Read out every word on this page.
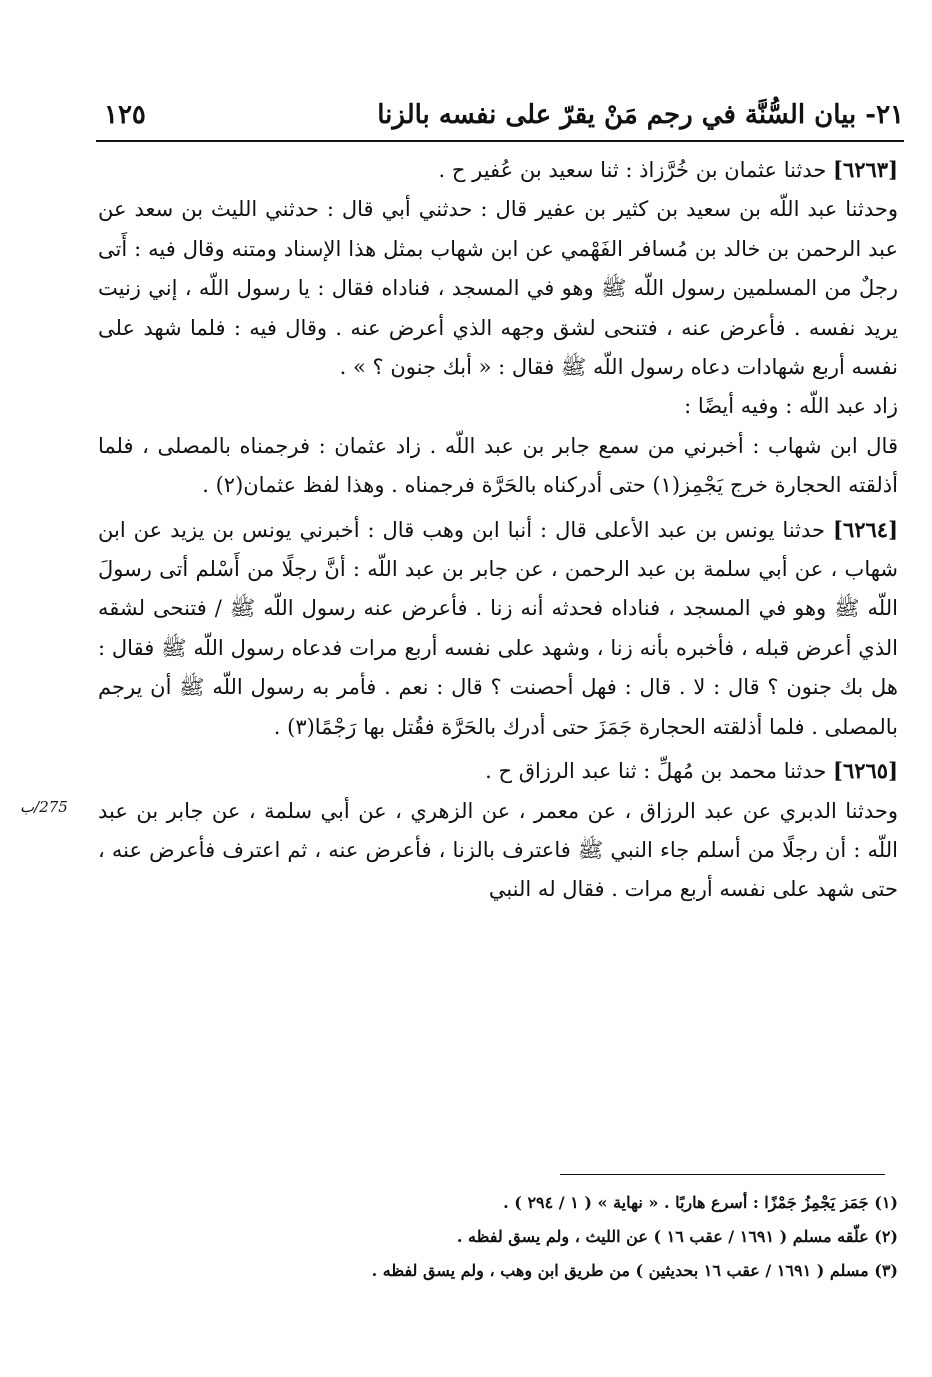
٢١- بيان السُّنَّة في رجم مَنْ يقرّ على نفسه بالزنا
١٢٥
275/ب

[٦٢٦٣] حدثنا عثمان بن خُرَّزاذ : ثنا سعيد بن عُفير ح .

وحدثنا عبد اللّه بن سعيد بن كثير بن عفير قال : حدثني أبي قال : حدثني الليث بن سعد عن عبد الرحمن بن خالد بن مُسافر الفَهْمي عن ابن شهاب بمثل هذا الإسناد ومتنه وقال فيه : أَتى رجلٌ من المسلمين رسول اللّه ﷺ وهو في المسجد ، فناداه فقال : يا رسول اللّه ، إني زنيت يريد نفسه . فأعرض عنه ، فتنحى لشق وجهه الذي أعرض عنه . وقال فيه : فلما شهد على نفسه أربع شهادات دعاه رسول اللّه ﷺ فقال : « أبك جنون ؟ » .

زاد عبد اللّه : وفيه أيضًا :

قال ابن شهاب : أخبرني من سمع جابر بن عبد اللّه . زاد عثمان : فرجمناه بالمصلى ، فلما أذلقته الحجارة خرج يَجْمِز(١) حتى أدركناه بالحَرَّة فرجمناه . وهذا لفظ عثمان(٢) .

[٦٢٦٤] حدثنا يونس بن عبد الأعلى قال : أنبا ابن وهب قال : أخبرني يونس بن يزيد عن ابن شهاب ، عن أبي سلمة بن عبد الرحمن ، عن جابر بن عبد اللّه : أنَّ رجلًا من أَسْلم أتى رسولَ اللّه ﷺ وهو في المسجد ، فناداه فحدثه أنه زنا . فأعرض عنه رسول اللّه ﷺ / فتنحى لشقه الذي أعرض قبله ، فأخبره بأنه زنا ، وشهد على نفسه أربع مرات فدعاه رسول اللّه ﷺ فقال : هل بك جنون ؟ قال : لا . قال : فهل أحصنت ؟ قال : نعم . فأمر به رسول اللّه ﷺ أن يرجم بالمصلى . فلما أذلقته الحجارة جَمَزَ حتى أدرك بالحَرَّة فقُتل بها رَجْمًا(٣) .

[٦٢٦٥] حدثنا محمد بن مُهلِّ : ثنا عبد الرزاق ح .

وحدثنا الدبري عن عبد الرزاق ، عن معمر ، عن الزهري ، عن أبي سلمة ، عن جابر بن عبد اللّه : أن رجلًا من أسلم جاء النبي ﷺ فاعترف بالزنا ، فأعرض عنه ، ثم اعترف فأعرض عنه ، حتى شهد على نفسه أربع مرات . فقال له النبي

(١) جَمَز يَجْمِزُ جَمْزًا : أسرع هاربًا . « نهاية » ( ١ / ٢٩٤ ) .

(٢) علّقه مسلم ( ١٦٩١ / عقب ١٦ ) عن الليث ، ولم يسق لفظه .

(٣) مسلم ( ١٦٩١ / عقب ١٦ بحديثين ) من طريق ابن وهب ، ولم يسق لفظه .
